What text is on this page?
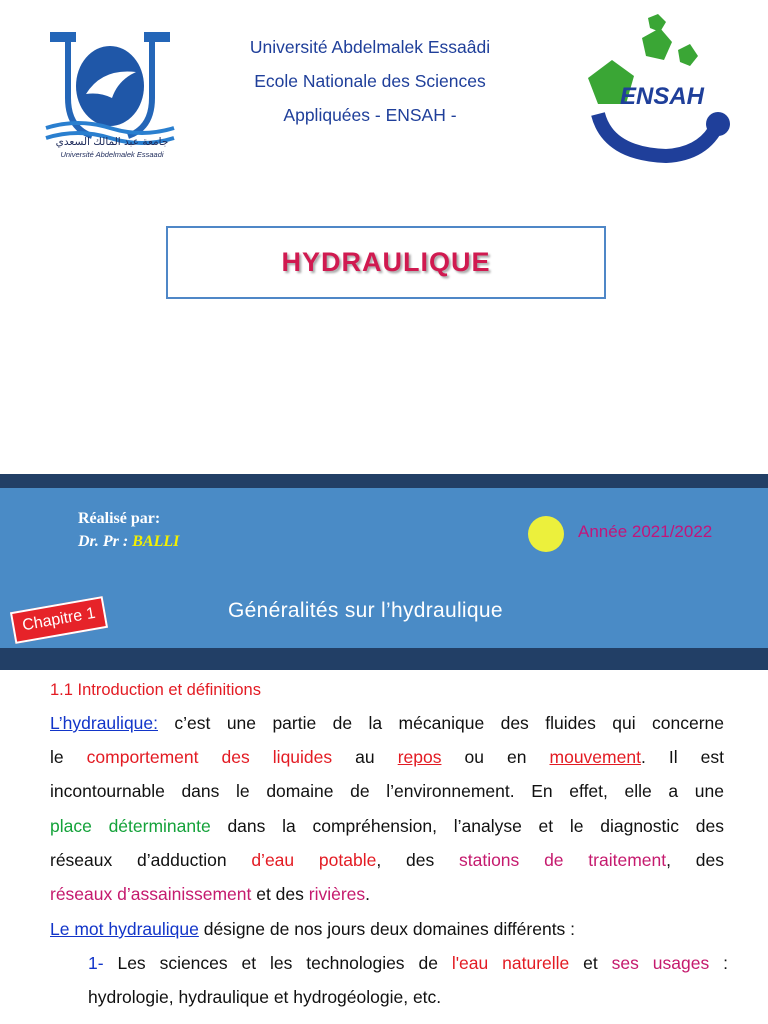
Université Abdelmalek Essaâdi
Ecole Nationale des Sciences
Appliquées - ENSAH -
جامعة عبد المالك السعدي
Université Abdelmalek Essaadi
ENSAH
HYDRAULIQUE
Réalisé par:
Dr. Pr : BALLI
Année 2021/2022
Chapitre 1	Généralités sur l’hydraulique
1.1 Introduction et définitions
L’hydraulique: c’est une partie de la mécanique des fluides qui concerne
le comportement des liquides au repos ou en mouvement. Il est
incontournable dans le domaine de l’environnement. En effet, elle a une
place déterminante dans la compréhension, l’analyse et le diagnostic des
réseaux d’adduction d’eau potable, des stations de traitement, des
réseaux d’assainissement et des rivières.
Le mot hydraulique désigne de nos jours deux domaines différents :
1- Les sciences et les technologies de l'eau naturelle et ses usages :
hydrologie, hydraulique et hydrogéologie, etc.
